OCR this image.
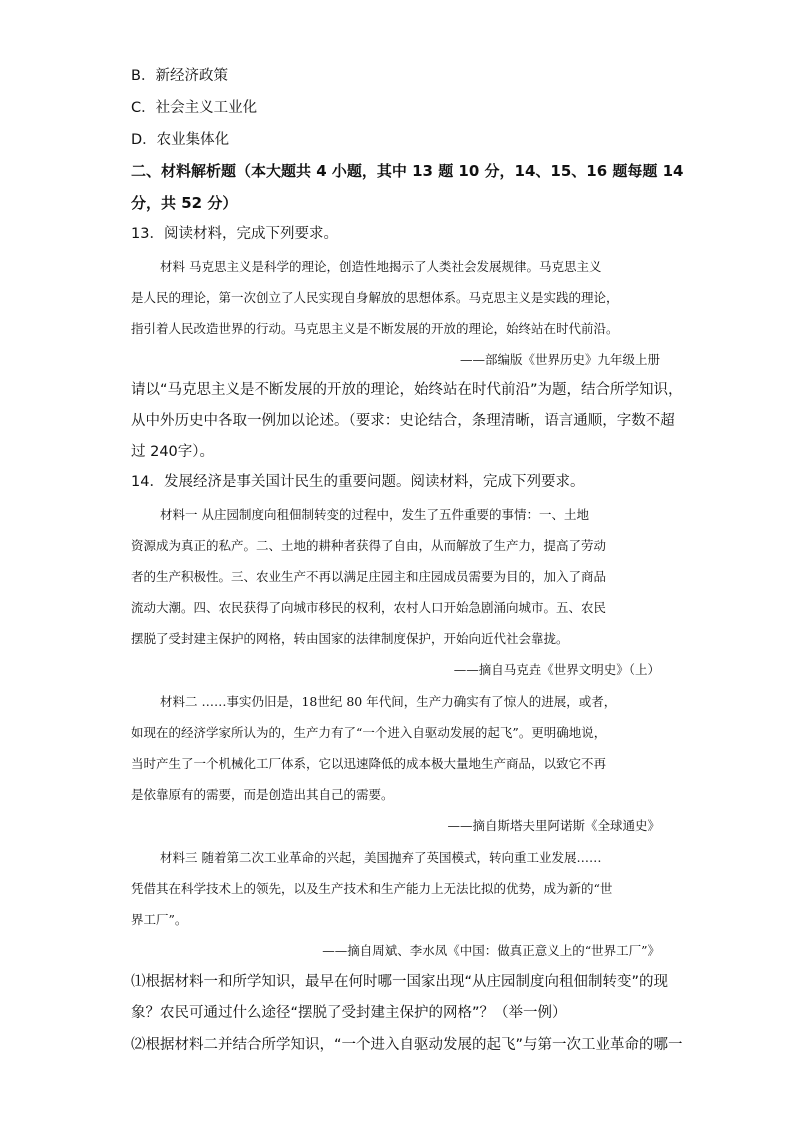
B．新经济政策
C．社会主义工业化
D．农业集体化
二、材料解析题（本大题共 4 小题，其中 13 题 10 分，14、15、16 题每题 14
分，共 52 分）
13．阅读材料，完成下列要求。
材料 马克思主义是科学的理论，创造性地揭示了人类社会发展规律。马克思主义
是人民的理论，第一次创立了人民实现自身解放的思想体系。马克思主义是实践的理论，
指引着人民改造世界的行动。马克思主义是不断发展的开放的理论，始终站在时代前沿。
——部编版《世界历史》九年级上册
请以“马克思主义是不断发展的开放的理论，始终站在时代前沿”为题，结合所学知识，
从中外历史中各取一例加以论述。（要求：史论结合，条理清晰，语言通顺，字数不超
过 240字）。
14．发展经济是事关国计民生的重要问题。阅读材料，完成下列要求。
材料一 从庄园制度向租佃制转变的过程中，发生了五件重要的事情：一、土地
资源成为真正的私产。二、土地的耕种者获得了自由，从而解放了生产力，提高了劳动
者的生产积极性。三、农业生产不再以满足庄园主和庄园成员需要为目的，加入了商品
流动大潮。四、农民获得了向城市移民的权利，农村人口开始急剧涌向城市。五、农民
摆脱了受封建主保护的网格，转由国家的法律制度保护，开始向近代社会靠拢。
——摘自马克垚《世界文明史》（上）
材料二 ……事实仍旧是，18世纪 80 年代间，生产力确实有了惊人的进展，或者，
如现在的经济学家所认为的，生产力有了“一个进入自驱动发展的起飞”。更明确地说，
当时产生了一个机械化工厂体系，它以迅速降低的成本极大量地生产商品，以致它不再
是依靠原有的需要，而是创造出其自己的需要。
——摘自斯塔夫里阿诺斯《全球通史》
材料三 随着第二次工业革命的兴起，美国抛弃了英国模式，转向重工业发展……
凭借其在科学技术上的领先，以及生产技术和生产能力上无法比拟的优势，成为新的“世
界工厂”。
——摘自周斌、李水凤《中国：做真正意义上的“世界工厂”》
⑴根据材料一和所学知识，最早在何时哪一国家出现“从庄园制度向租佃制转变”的现
象？农民可通过什么途径“摆脱了受封建主保护的网格”？（举一例）
⑵根据材料二并结合所学知识，“一个进入自驱动发展的起飞”与第一次工业革命的哪一
